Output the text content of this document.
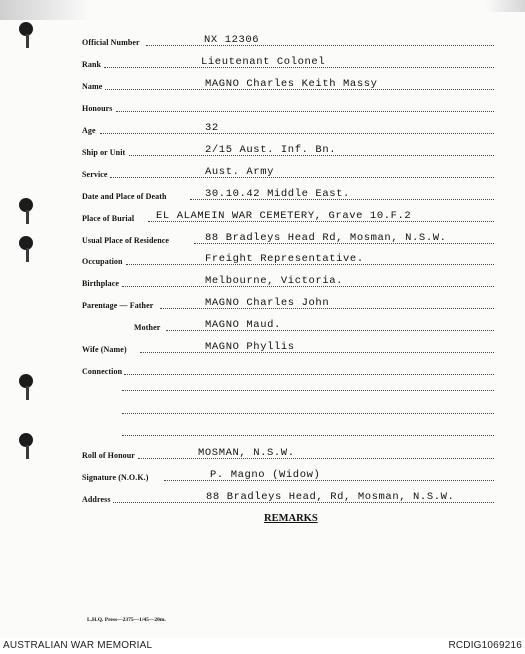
Official Number	NX 12306
Rank	Lieutenant Colonel
Name	MAGNO Charles Keith Massy
Honours
Age	32
Ship or Unit	2/15 Aust. Inf. Bn.
Service	Aust. Army
Date and Place of Death	30.10.42 Middle East.
Place of Burial EL ALAMEIN WAR CEMETERY, Grave 10.F.2
Usual Place of Residence	88 Bradleys Head Rd, Mosman, N.S.W.
Occupation	Freight Representative.
Birthplace	Melbourne, Victoria.
Parentage — Father	MAGNO Charles John
Mother	MAGNO Maud.
Wife (Name)	MAGNO Phyllis
Connection
Roll of Honour	MOSMAN, N.S.W.
Signature (N.O.K.)	P. Magno (Widow)
Address	88 Bradleys Head, Rd, Mosman, N.S.W.
REMARKS
L.H.Q. Press—2375—1/45—20m.
AUSTRALIAN WAR MEMORIAL	RCDIG1069216
